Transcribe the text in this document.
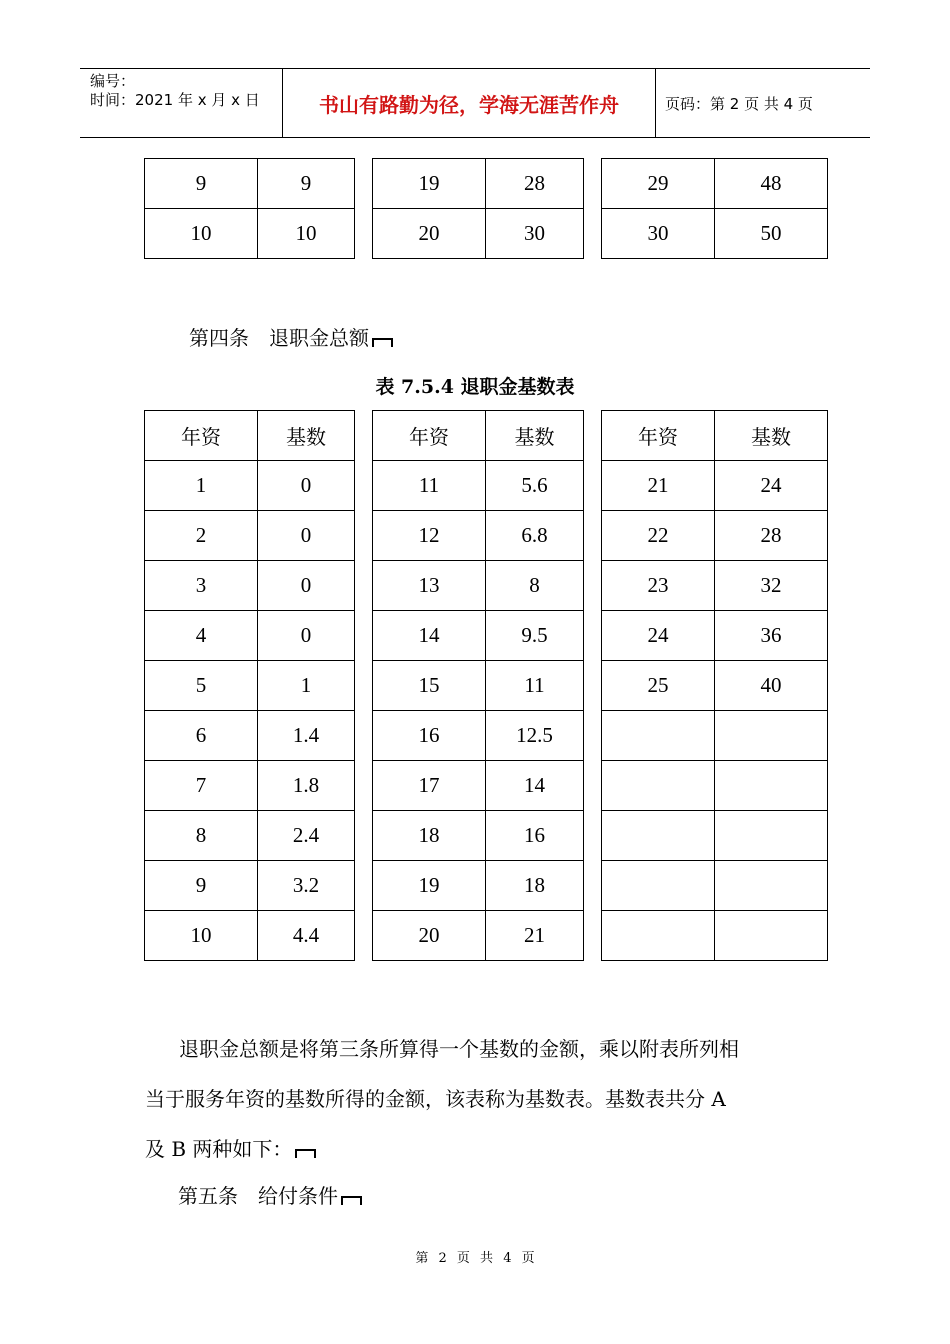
编号：
时间：2021 年 x 月 x 日	书山有路勤为径，学海无涯苦作舟	页码：第 2 页 共 4 页
9	9		19	28		29	48
10	10		20	30		30	50
第四条　退职金总额
表 7.5.4 退职金基数表
年资	基数		年资	基数		年资	基数
1	0		11	5.6		21	24
2	0		12	6.8		22	28
3	0		13	8		23	32
4	0		14	9.5		24	36
5	1		15	11		25	40
6	1.4		16	12.5			
7	1.8		17	14			
8	2.4		18	16			
9	3.2		19	18			
10	4.4		20	21			
退职金总额是将第三条所算得一个基数的金额，乘以附表所列相
当于服务年资的基数所得的金额，该表称为基数表。基数表共分 A
及 B 两种如下：
第五条　给付条件
第 2 页 共 4 页
